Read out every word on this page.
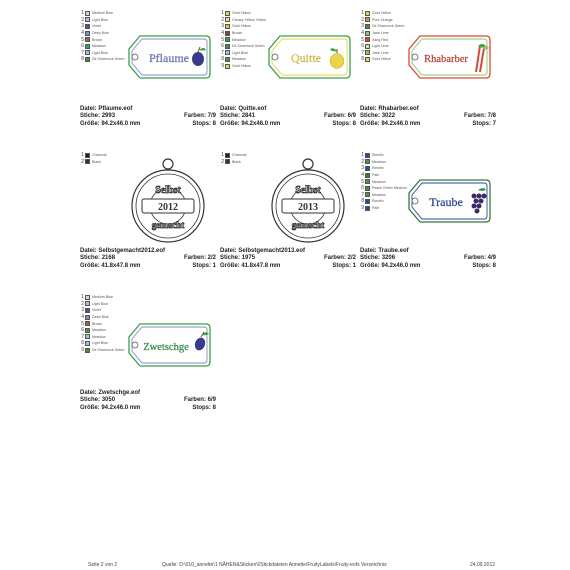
1 Medium Blue
2 Light Blue
3 Violet
4 Deep Blue
5 Brown
6 Meadow
7 Light Blue
8 Dk Shamrock Green Pflaume
Datei: Pflaume.eof
Stiche: 2993	Farben: 7/9
Größe: 94.2x46.0 mm	Stops: 8
1 Gold Yellow
2 Canary Yellow Yellow
3 Gold Yellow
4 Brown
5 Meadow
6 Dk Shamrock Green
7 Light Blue
8 Meadow
9 Gold Yellow
Quitte
Datei: Quitte.eof
Stiche: 2841	Farben: 6/9
Größe: 94.2x46.0 mm	Stops: 8
1 Gold Yellow
2 Pure Orange
3 Dk Shamrock Green
4 Jade Lime
5 Xang Red
6 Light Lime
7 Jade Lime
8 Gold Yellow	Rhabarber
Datei: Rhabarber.eof
Stiche: 3022	Farben: 7/8
Größe: 94.2x46.0 mm	Stops: 7
1 Charcoal
2 Black
2012
Selbst
gemacht
Datei: Selbstgemacht2012.eof
Stiche: 2168	Farben: 2/2
Größe: 41.8x47.8 mm	Stops: 1
1 Charcoal
2 Black
2013
Selbst
gemacht
Datei: Selbstgemacht2013.eof
Stiche: 1975	Farben: 2/2
Größe: 41.8x47.8 mm	Stops: 1
1 Electric
2 Meadow
3 Electric
4 Pale
5 Meadow
6 Pastel Green Medium
7 Meadow
8 Electric
9 Pale	Traube
Datei: Traube.eof
Stiche: 3206	Farben: 4/9
Größe: 94.2x46.0 mm	Stops: 8
1 Medium Blue
2 Light Blue
3 Violet
4 Deep Blue
5 Brown
6 Meadow
7 Meadow
8 Light Blue
9 Dk Shamrock Green Zwetschge
Datei: Zwetschge.eof
Stiche: 3050	Farben: 6/9
Größe: 94.2x46.0 mm	Stops: 8
Seite 2 von 2	Quelle: D:\010_annette\1 NÄHEN&Sticken\0Stickdateien Annette\FruityLabels\Fruity-eofs Verzeichnis	24.09.2012
